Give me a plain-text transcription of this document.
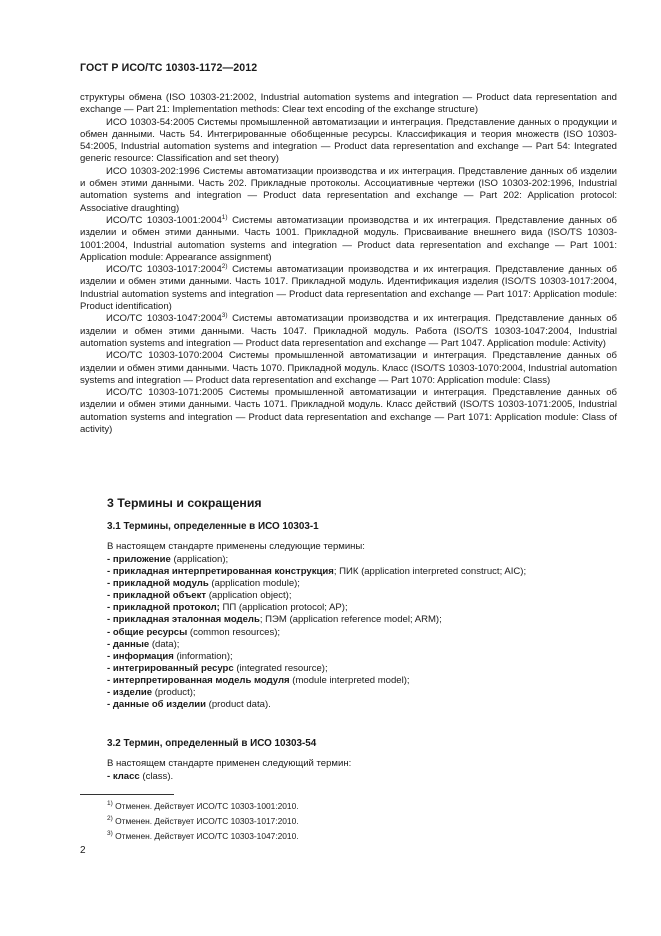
ГОСТ Р ИСО/ТС 10303-1172—2012

структуры обмена (ISO 10303-21:2002, Industrial automation systems and integration — Product data representation and exchange — Part 21: Implementation methods: Clear text encoding of the exchange structure)

ИСО 10303-54:2005 Системы промышленной автоматизации и интеграция. Представление данных о продукции и обмен данными. Часть 54. Интегрированные обобщенные ресурсы. Классификация и теория множеств (ISO 10303-54:2005, Industrial automation systems and integration — Product data representation and exchange — Part 54: Integrated generic resource: Classification and set theory)

ИСО 10303-202:1996 Системы автоматизации производства и их интеграция. Представление данных об изделии и обмен этими данными. Часть 202. Прикладные протоколы. Ассоциативные чертежи (ISO 10303-202:1996, Industrial automation systems and integration — Product data representation and exchange — Part 202: Application protocol: Associative draughting)

ИСО/ТС 10303-1001:2004$^{1)}$ Системы автоматизации производства и их интеграция. Представление данных об изделии и обмен этими данными. Часть 1001. Прикладной модуль. Присваивание внешнего вида (ISO/TS 10303-1001:2004, Industrial automation systems and integration — Product data representation and exchange — Part 1001: Application module: Appearance assignment)

ИСО/ТС 10303-1017:2004$^{2)}$ Системы автоматизации производства и их интеграция. Представление данных об изделии и обмен этими данными. Часть 1017. Прикладной модуль. Идентификация изделия (ISO/TS 10303-1017:2004, Industrial automation systems and integration — Product data representation and exchange — Part 1017: Application module: Product identification)

ИСО/ТС 10303-1047:2004$^{3)}$ Системы автоматизации производства и их интеграция. Представление данных об изделии и обмен этими данными. Часть 1047. Прикладной модуль. Работа (ISO/TS 10303-1047:2004, Industrial automation systems and integration — Product data representation and exchange — Part 1047. Application module: Activity)

ИСО/ТС 10303-1070:2004 Системы промышленной автоматизации и интеграция. Представление данных об изделии и обмен этими данными. Часть 1070. Прикладной модуль. Класс (ISO/TS 10303-1070:2004, Industrial automation systems and integration — Product data representation and exchange — Part 1070: Application module: Class)

ИСО/ТС 10303-1071:2005 Системы промышленной автоматизации и интеграция. Представление данных об изделии и обмен этими данными. Часть 1071. Прикладной модуль. Класс действий (ISO/TS 10303-1071:2005, Industrial automation systems and integration — Product data representation and exchange — Part 1071: Application module: Class of activity)

3 Термины и сокращения
3.1 Термины, определенные в ИСО 10303-1
В настоящем стандарте применены следующие термины:
- приложение (application);
- прикладная интерпретированная конструкция; ПИК (application interpreted construct; AIC);
- прикладной модуль (application module);
- прикладной объект (application object);
- прикладной протокол; ПП (application protocol; AP);
- прикладная эталонная модель; ПЭМ (application reference model; ARM);
- общие ресурсы (common resources);
- данные (data);
- информация (information);
- интегрированный ресурс (integrated resource);
- интерпретированная модель модуля (module interpreted model);
- изделие (product);
- данные об изделии (product data).
3.2 Термин, определенный в ИСО 10303-54
В настоящем стандарте применен следующий термин:
- класс (class).
$^{1)}$ Отменен. Действует ИСО/ТС 10303-1001:2010.
$^{2)}$ Отменен. Действует ИСО/ТС 10303-1017:2010.
$^{3)}$ Отменен. Действует ИСО/ТС 10303-1047:2010.
2
